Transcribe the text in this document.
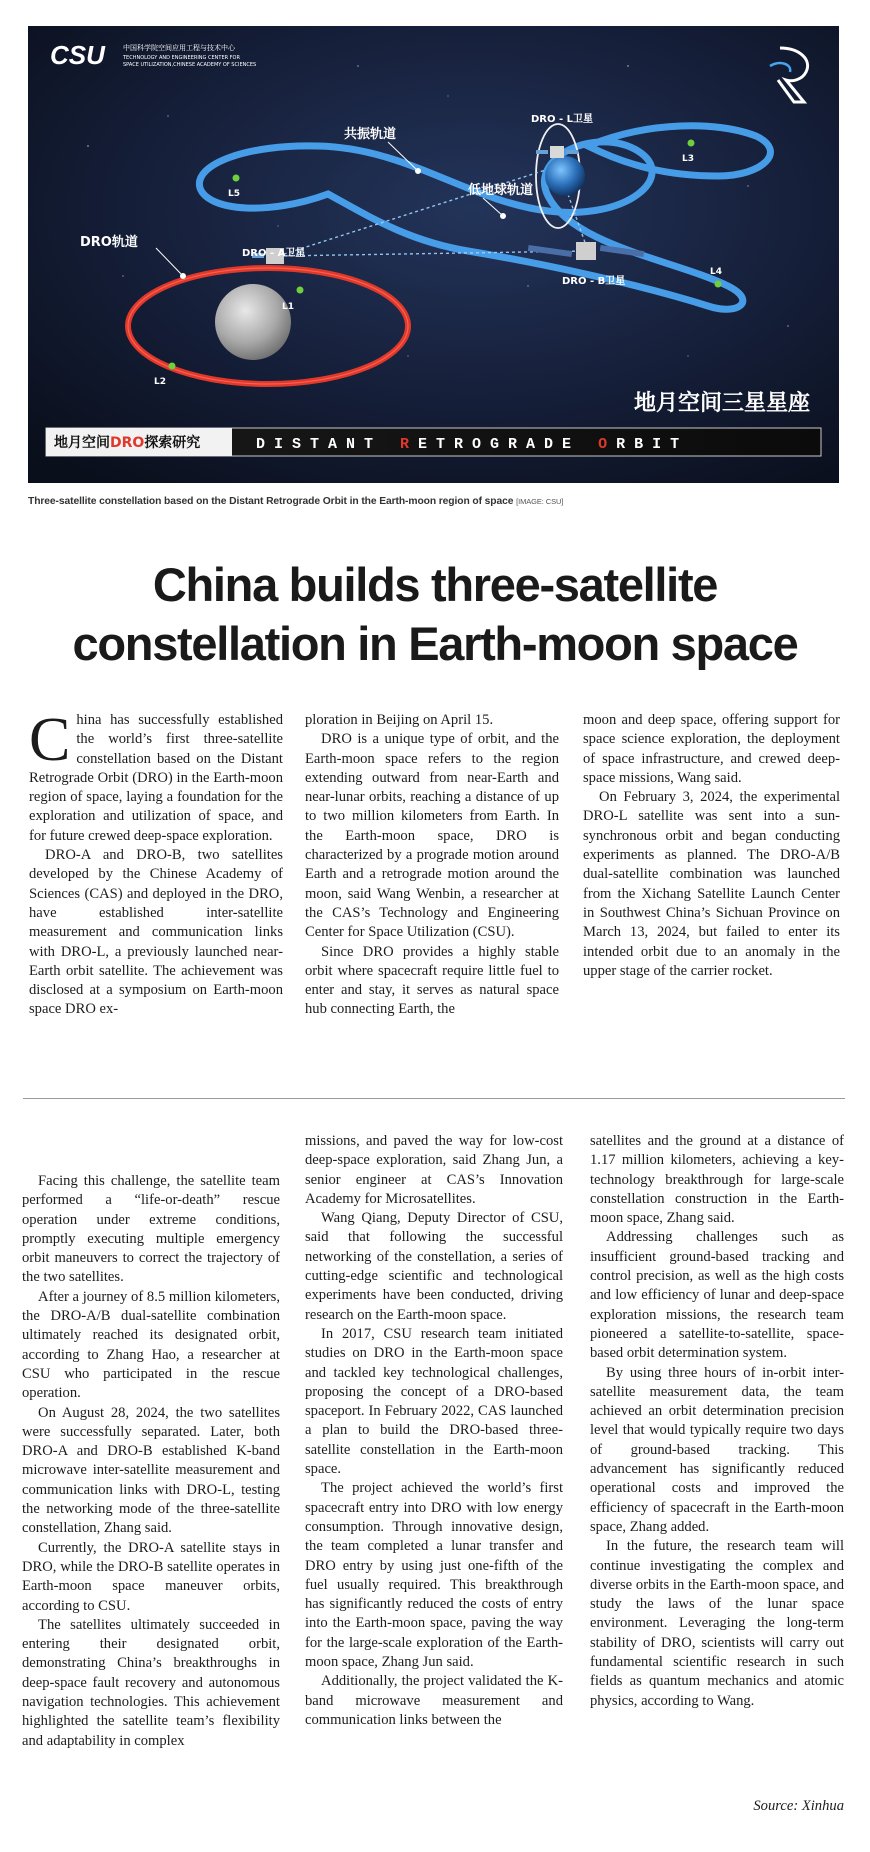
CSU	中国科学院空间应用工程与技术中心
TECHNOLOGY AND ENGINEERING CENTER FOR
SPACE UTILIZATION,CHINESE ACADEMY OF SCIENCES
共振轨道
低地球轨道
DRO轨道
DRO - L卫星
DRO - A卫星
DRO - B卫星
L1
L2
L3
L4
L5
地月空间三星星座
地月空间DRO探索研究	DISTANT RETROGRADE ORBIT
Three-satellite constellation based on the Distant Retrograde Orbit in the Earth-moon region of space [IMAGE: CSU]
China builds three-satellite
constellation in Earth-moon space

China has successfully established the world’s first three-satellite constellation based on the Distant Retrograde Orbit (DRO) in the Earth-moon region of space, laying a foundation for the exploration and utilization of space, and for future crewed deep-space exploration.

DRO-A and DRO-B, two satellites developed by the Chinese Academy of Sciences (CAS) and deployed in the DRO, have established inter-satellite measurement and communication links with DRO-L, a previously launched near-Earth orbit satellite. The achievement was disclosed at a symposium on Earth-moon space DRO ex-

ploration in Beijing on April 15.

DRO is a unique type of orbit, and the Earth-moon space refers to the region extending outward from near-Earth and near-lunar orbits, reaching a distance of up to two million kilometers from Earth. In the Earth-moon space, DRO is characterized by a prograde motion around Earth and a retrograde motion around the moon, said Wang Wenbin, a researcher at the CAS’s Technology and Engineering Center for Space Utilization (CSU).

Since DRO provides a highly stable orbit where spacecraft require little fuel to enter and stay, it serves as natural space hub connecting Earth, the

moon and deep space, offering support for space science exploration, the deployment of space infrastructure, and crewed deep-space missions, Wang said.

On February 3, 2024, the experimental DRO-L satellite was sent into a sun-synchronous orbit and began conducting experiments as planned. The DRO-A/B dual-satellite combination was launched from the Xichang Satellite Launch Center in Southwest China’s Sichuan Province on March 13, 2024, but failed to enter its intended orbit due to an anomaly in the upper stage of the carrier rocket.

Facing this challenge, the satellite team performed a “life-or-death” rescue operation under extreme conditions, promptly executing multiple emergency orbit maneuvers to correct the trajectory of the two satellites.

After a journey of 8.5 million kilometers, the DRO-A/B dual-satellite combination ultimately reached its designated orbit, according to Zhang Hao, a researcher at CSU who participated in the rescue operation.

On August 28, 2024, the two satellites were successfully separated. Later, both DRO-A and DRO-B established K-band microwave inter-satellite measurement and communication links with DRO-L, testing the networking mode of the three-satellite constellation, Zhang said.

Currently, the DRO-A satellite stays in DRO, while the DRO-B satellite operates in Earth-moon space maneuver orbits, according to CSU.

The satellites ultimately succeeded in entering their designated orbit, demonstrating China’s breakthroughs in deep-space fault recovery and autonomous navigation technologies. This achievement highlighted the satellite team’s flexibility and adaptability in complex

missions, and paved the way for low-cost deep-space exploration, said Zhang Jun, a senior engineer at CAS’s Innovation Academy for Microsatellites.

Wang Qiang, Deputy Director of CSU, said that following the successful networking of the constellation, a series of cutting-edge scientific and technological experiments have been conducted, driving research on the Earth-moon space.

In 2017, CSU research team initiated studies on DRO in the Earth-moon space and tackled key technological challenges, proposing the concept of a DRO-based spaceport. In February 2022, CAS launched a plan to build the DRO-based three-satellite constellation in the Earth-moon space.

The project achieved the world’s first spacecraft entry into DRO with low energy consumption. Through innovative design, the team completed a lunar transfer and DRO entry by using just one-fifth of the fuel usually required. This breakthrough has significantly reduced the costs of entry into the Earth-moon space, paving the way for the large-scale exploration of the Earth-moon space, Zhang Jun said.

Additionally, the project validated the K-band microwave measurement and communication links between the

satellites and the ground at a distance of 1.17 million kilometers, achieving a key-technology breakthrough for large-scale constellation construction in the Earth-moon space, Zhang said.

Addressing challenges such as insufficient ground-based tracking and control precision, as well as the high costs and low efficiency of lunar and deep-space exploration missions, the research team pioneered a satellite-to-satellite, space-based orbit determination system.

By using three hours of in-orbit inter-satellite measurement data, the team achieved an orbit determination precision level that would typically require two days of ground-based tracking. This advancement has significantly reduced operational costs and improved the efficiency of spacecraft in the Earth-moon space, Zhang added.

In the future, the research team will continue investigating the complex and diverse orbits in the Earth-moon space, and study the laws of the lunar space environment. Leveraging the long-term stability of DRO, scientists will carry out fundamental scientific research in such fields as quantum mechanics and atomic physics, according to Wang.

Source: Xinhua
